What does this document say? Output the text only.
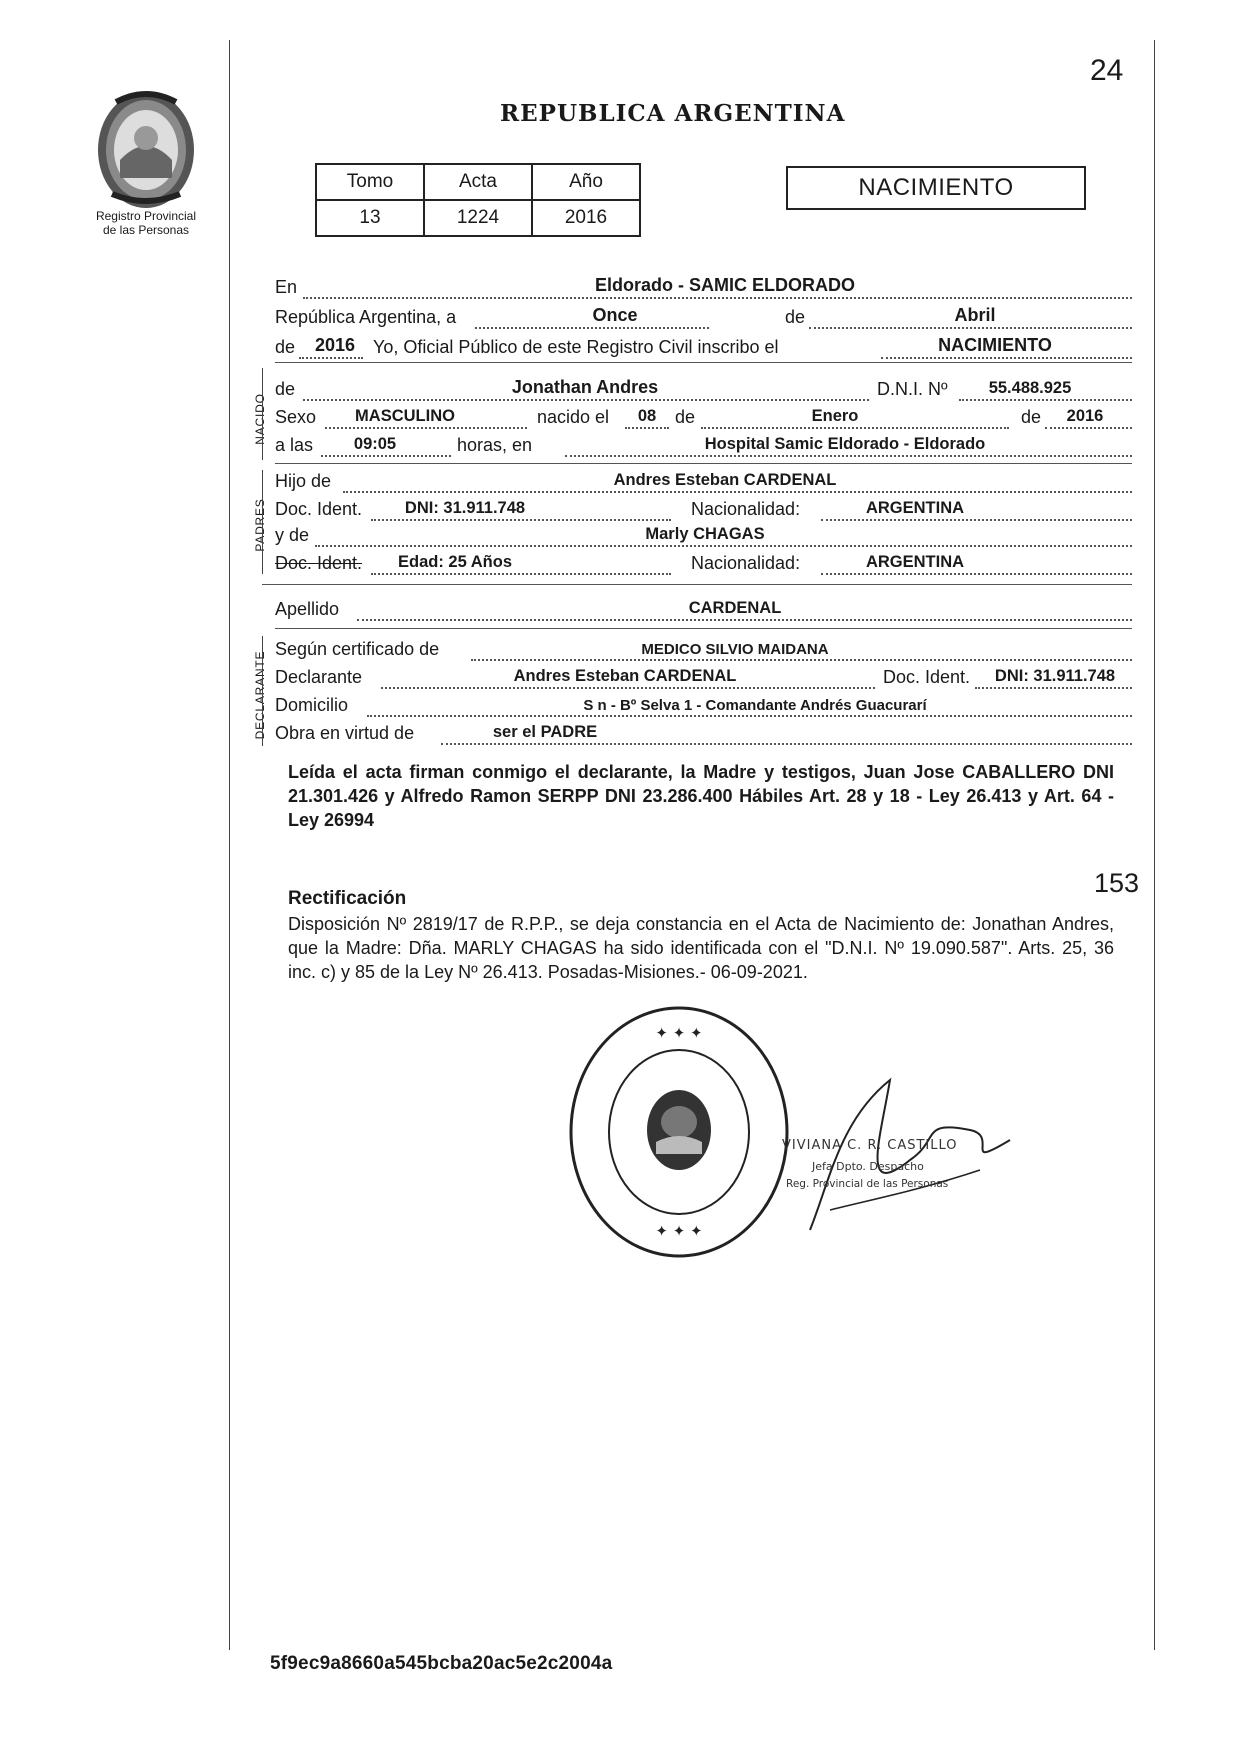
Registro Provincial
de las Personas
24
REPUBLICA ARGENTINA
Tomo	Acta	Año
13	1224	2016
NACIMIENTO
En	Eldorado - SAMIC ELDORADO
República Argentina, a	Once	de	Abril
de	2016 Yo, Oficial Público de este Registro Civil inscribo el	NACIMIENTO
NACIDO
de	Jonathan Andres	D.N.I. Nº	55.488.925
Sexo	MASCULINO	nacido el	08	de	Enero	de	2016
a las	09:05	horas, en	Hospital Samic Eldorado - Eldorado
PADRES
Hijo de	Andres Esteban CARDENAL
Doc. Ident.	DNI: 31.911.748	Nacionalidad:	ARGENTINA
y de	Marly CHAGAS
Doc. Ident.	Edad: 25 Años	Nacionalidad:	ARGENTINA
Apellido	CARDENAL
DECLARANTE
Según certificado de	MEDICO SILVIO MAIDANA
Declarante	Andres Esteban CARDENAL	Doc. Ident.	DNI: 31.911.748
Domicilio	S n - Bº Selva 1 - Comandante Andrés Guacurarí
Obra en virtud de	ser el PADRE
Leída el acta firman conmigo el declarante, la Madre y testigos, Juan Jose CABALLERO DNI 21.301.426 y Alfredo Ramon SERPP DNI 23.286.400 Hábiles Art. 28 y 18 - Ley 26.413 y Art. 64 - Ley 26994
153
Rectificación
Disposición Nº 2819/17 de R.P.P., se deja constancia en el Acta de Nacimiento de: Jonathan Andres, que la Madre: Dña. MARLY CHAGAS ha sido identificada con el "D.N.I. Nº 19.090.587". Arts. 25, 36 inc. c) y 85 de la Ley Nº 26.413. Posadas-Misiones.- 06-09-2021.
✦ ✦ ✦
✦ ✦ ✦
VIVIANA C. R. CASTILLO
Jefa Dpto. Despacho
Reg. Provincial de las Personas
5f9ec9a8660a545bcba20ac5e2c2004a
